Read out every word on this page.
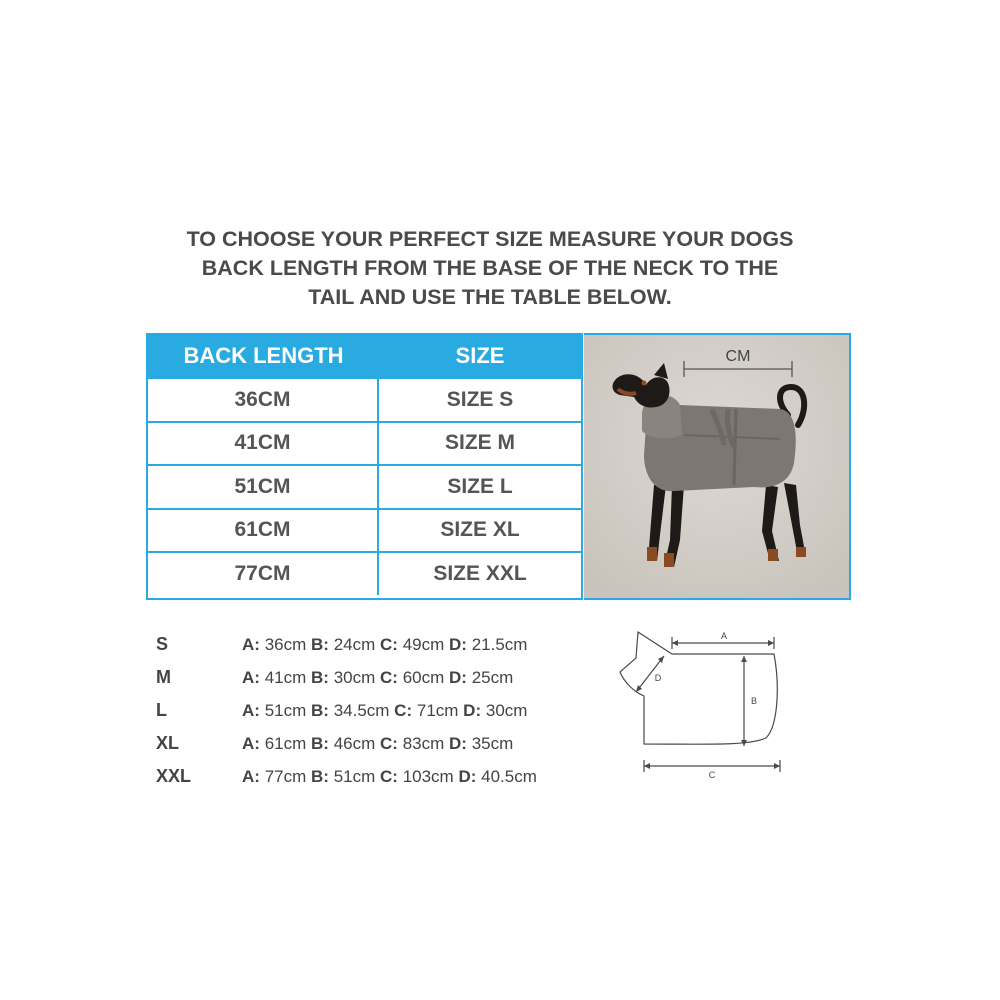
TO CHOOSE YOUR PERFECT SIZE MEASURE YOUR DOGS
BACK LENGTH FROM THE BASE OF THE NECK TO THE
TAIL AND USE THE TABLE BELOW.
BACK LENGTH	SIZE
36CM	SIZE S
41CM	SIZE M
51CM	SIZE L
61CM	SIZE XL
77CM	SIZE XXL
CM
S	A: 36cm B: 24cm C: 49cm D: 21.5cm
M	A: 41cm B: 30cm C: 60cm D: 25cm
L	A: 51cm B: 34.5cm C: 71cm D: 30cm
XL	A: 61cm B: 46cm C: 83cm D: 35cm
XXL	A: 77cm B: 51cm C: 103cm D: 40.5cm
A
B
C
D
